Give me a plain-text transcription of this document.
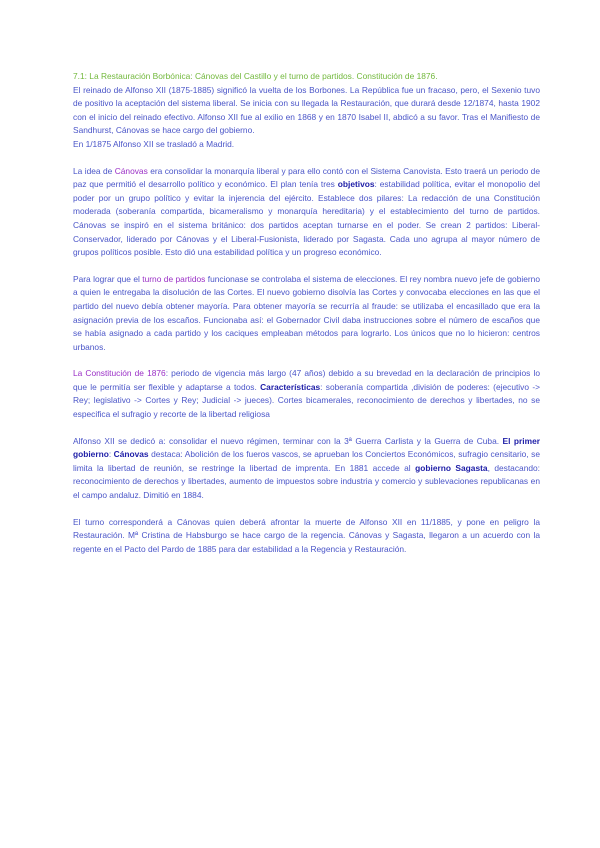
7.1: La Restauración Borbónica: Cánovas del Castillo y el turno de partidos. Constitución de 1876.
El reinado de Alfonso XII (1875-1885) significó la vuelta de los Borbones. La República fue un fracaso, pero, el Sexenio tuvo de positivo la aceptación del sistema liberal. Se inicia con su llegada la Restauración, que durará desde 12/1874, hasta 1902 con el inicio del reinado efectivo. Alfonso XII fue al exilio en 1868 y en 1870 Isabel II, abdicó a su favor. Tras el Manifiesto de Sandhurst, Cánovas se hace cargo del gobierno.
En 1/1875 Alfonso XII se trasladó a Madrid.

La idea de Cánovas era consolidar la monarquía liberal y para ello contó con el Sistema Canovista. Esto traerá un periodo de paz que permitió el desarrollo político y económico. El plan tenía tres objetivos: estabilidad política, evitar el monopolio del poder por un grupo político y evitar la injerencia del ejército. Establece dos pilares: La redacción de una Constitución moderada (soberanía compartida, bicameralismo y monarquía hereditaria) y el establecimiento del turno de partidos. Cánovas se inspiró en el sistema británico: dos partidos aceptan turnarse en el poder. Se crean 2 partidos: Liberal-Conservador, liderado por Cánovas y el Liberal-Fusionista, liderado por Sagasta. Cada uno agrupa al mayor número de grupos políticos posible. Esto dió una estabilidad política y un progreso económico.

Para lograr que el turno de partidos funcionase se controlaba el sistema de elecciones. El rey nombra nuevo jefe de gobierno a quien le entregaba la disolución de las Cortes. El nuevo gobierno disolvía las Cortes y convocaba elecciones en las que el partido del nuevo debía obtener mayoría. Para obtener mayoría se recurría al fraude: se utilizaba el encasillado que era la asignación previa de los escaños. Funcionaba así: el Gobernador Civil daba instrucciones sobre el número de escaños que se había asignado a cada partido y los caciques empleaban métodos para lograrlo. Los únicos que no lo hicieron: centros urbanos.

La Constitución de 1876: periodo de vigencia más largo (47 años) debido a su brevedad en la declaración de principios lo que le permitía ser flexible y adaptarse a todos. Características: soberanía compartida ,división de poderes: (ejecutivo -> Rey; legislativo -> Cortes y Rey; Judicial -> jueces). Cortes bicamerales, reconocimiento de derechos y libertades, no se especifica el sufragio y recorte de la libertad religiosa

Alfonso XII se dedicó a: consolidar el nuevo régimen, terminar con la 3ª Guerra Carlista y la Guerra de Cuba. El primer gobierno: Cánovas destaca: Abolición de los fueros vascos, se aprueban los Conciertos Económicos, sufragio censitario, se limita la libertad de reunión, se restringe la libertad de imprenta. En 1881 accede al gobierno Sagasta, destacando: reconocimiento de derechos y libertades, aumento de impuestos sobre industria y comercio y sublevaciones republicanas en el campo andaluz. Dimitió en 1884.

El turno corresponderá a Cánovas quien deberá afrontar la muerte de Alfonso XII en 11/1885, y pone en peligro la Restauración. Mª Cristina de Habsburgo se hace cargo de la regencia. Cánovas y Sagasta, llegaron a un acuerdo con la regente en el Pacto del Pardo de 1885 para dar estabilidad a la Regencia y Restauración.
